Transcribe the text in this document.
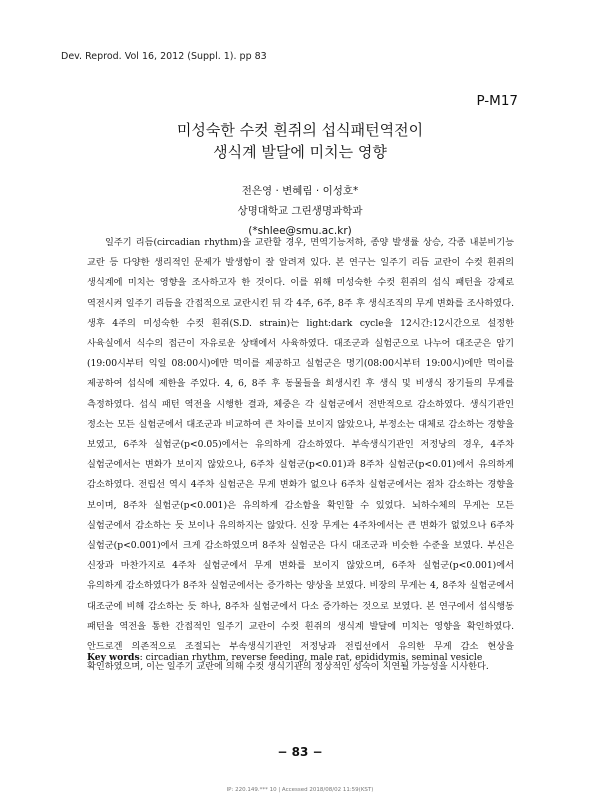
Dev. Reprod. Vol 16, 2012 (Suppl. 1). pp 83
P-M17
미성숙한 수컷 흰쥐의 섭식패턴역전이
생식계 발달에 미치는 영향
전은영 · 변혜림 · 이성호*
상명대학교 그린생명과학과
(*shlee@smu.ac.kr)

일주기 리듬(circadian rhythm)을 교란할 경우, 면역기능저하, 종양 발생률 상승, 각종 내분비기능 교란 등 다양한 생리적인 문제가 발생함이 잘 알려져 있다. 본 연구는 일주기 리듬 교란이 수컷 흰쥐의 생식계에 미치는 영향을 조사하고자 한 것이다. 이를 위해 미성숙한 수컷 흰쥐의 섭식 패턴을 강제로 역전시켜 일주기 리듬을 간접적으로 교란시킨 뒤 각 4주, 6주, 8주 후 생식조직의 무게 변화를 조사하였다. 생후 4주의 미성숙한 수컷 흰쥐(S.D. strain)는 light:dark cycle을 12시간:12시간으로 설정한 사육실에서 식수의 접근이 자유로운 상태에서 사육하였다. 대조군과 실험군으로 나누어 대조군은 암기(19:00시부터 익일 08:00시)에만 먹이를 제공하고 실험군은 명기(08:00시부터 19:00시)에만 먹이를 제공하여 섭식에 제한을 주었다. 4, 6, 8주 후 동물들을 희생시킨 후 생식 및 비생식 장기들의 무게를 측정하였다. 섭식 패턴 역전을 시행한 결과, 체중은 각 실험군에서 전반적으로 감소하였다. 생식기관인 정소는 모든 실험군에서 대조군과 비교하여 큰 차이를 보이지 않았으나, 부정소는 대체로 감소하는 경향을 보였고, 6주차 실험군(p<0.05)에서는 유의하게 감소하였다. 부속생식기관인 저정낭의 경우, 4주차 실험군에서는 변화가 보이지 않았으나, 6주차 실험군(p<0.01)과 8주차 실험군(p<0.01)에서 유의하게 감소하였다. 전립선 역시 4주차 실험군은 무게 변화가 없으나 6주차 실험군에서는 점차 감소하는 경향을 보이며, 8주차 실험군(p<0.001)은 유의하게 감소함을 확인할 수 있었다. 뇌하수체의 무게는 모든 실험군에서 감소하는 듯 보이나 유의하지는 않았다. 신장 무게는 4주차에서는 큰 변화가 없었으나 6주차 실험군(p<0.001)에서 크게 감소하였으며 8주차 실험군은 다시 대조군과 비슷한 수준을 보였다. 부신은 신장과 마찬가지로 4주차 실험군에서 무게 변화를 보이지 않았으며, 6주차 실험군(p<0.001)에서 유의하게 감소하였다가 8주차 실험군에서는 증가하는 양상을 보였다. 비장의 무게는 4, 8주차 실험군에서 대조군에 비해 감소하는 듯 하나, 8주차 실험군에서 다소 증가하는 것으로 보였다. 본 연구에서 섭식행동 패턴을 역전을 통한 간접적인 일주기 교란이 수컷 흰쥐의 생식계 발달에 미치는 영향을 확인하였다. 안드로겐 의존적으로 조절되는 부속생식기관인 저정낭과 전립선에서 유의한 무게 감소 현상을 확인하였으며, 이는 일주기 교란에 의해 수컷 생식기관의 정상적인 성숙이 지연될 가능성을 시사한다.

Key words: circadian rhythm, reverse feeding, male rat, epididymis, seminal vesicle
− 83 −
IP: 220.149.*** 10 | Accessed 2018/08/02 11:59(KST)
